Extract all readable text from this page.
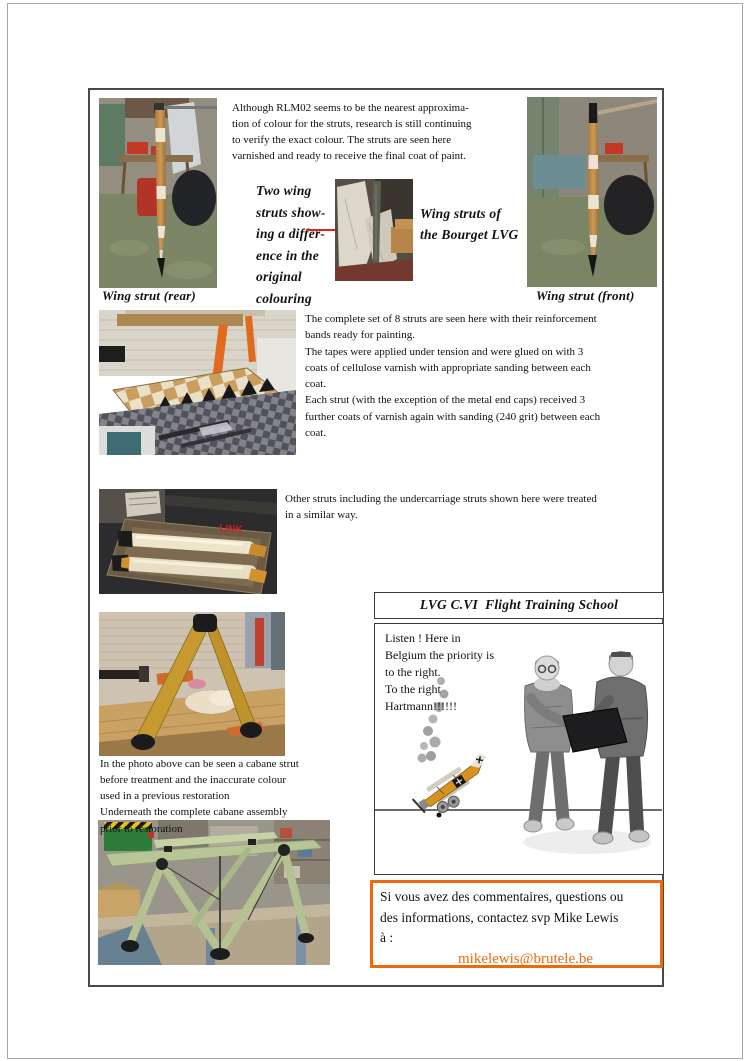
Wing strut (rear)
Although RLM02 seems to be the nearest approxima-
tion of colour for the struts, research is still continuing
to verify the exact colour. The struts are seen here
varnished and ready to receive the final coat of paint.
Two wing
struts show-
ing a differ-
ence in the
original
colouring
Wing struts of
the Bourget LVG
Wing strut (front)
The complete set of 8 struts are seen here with their reinforcement
bands ready for painting.
The tapes were applied under tension and were glued on with 3
coats of cellulose varnish with appropriate sanding between each
coat.
Each strut (with the exception of the metal end caps) received 3
further coats of varnish again with sanding (240 grit) between each
coat.
LINK
Other struts including the undercarriage struts shown here were treated
in a similar way.
In the photo above can be seen a cabane strut
before treatment and the inaccurate colour
used in a previous restoration
Underneath the complete cabane assembly
prior to restoration
LVG C.VI  Flight Training School
Listen ! Here in
Belgium the priority is
to the right.
To the right
Hartmann!!!!!!
Si vous avez des commentaires, questions ou
des informations, contactez svp Mike Lewis
à :
mikelewis@brutele.be
